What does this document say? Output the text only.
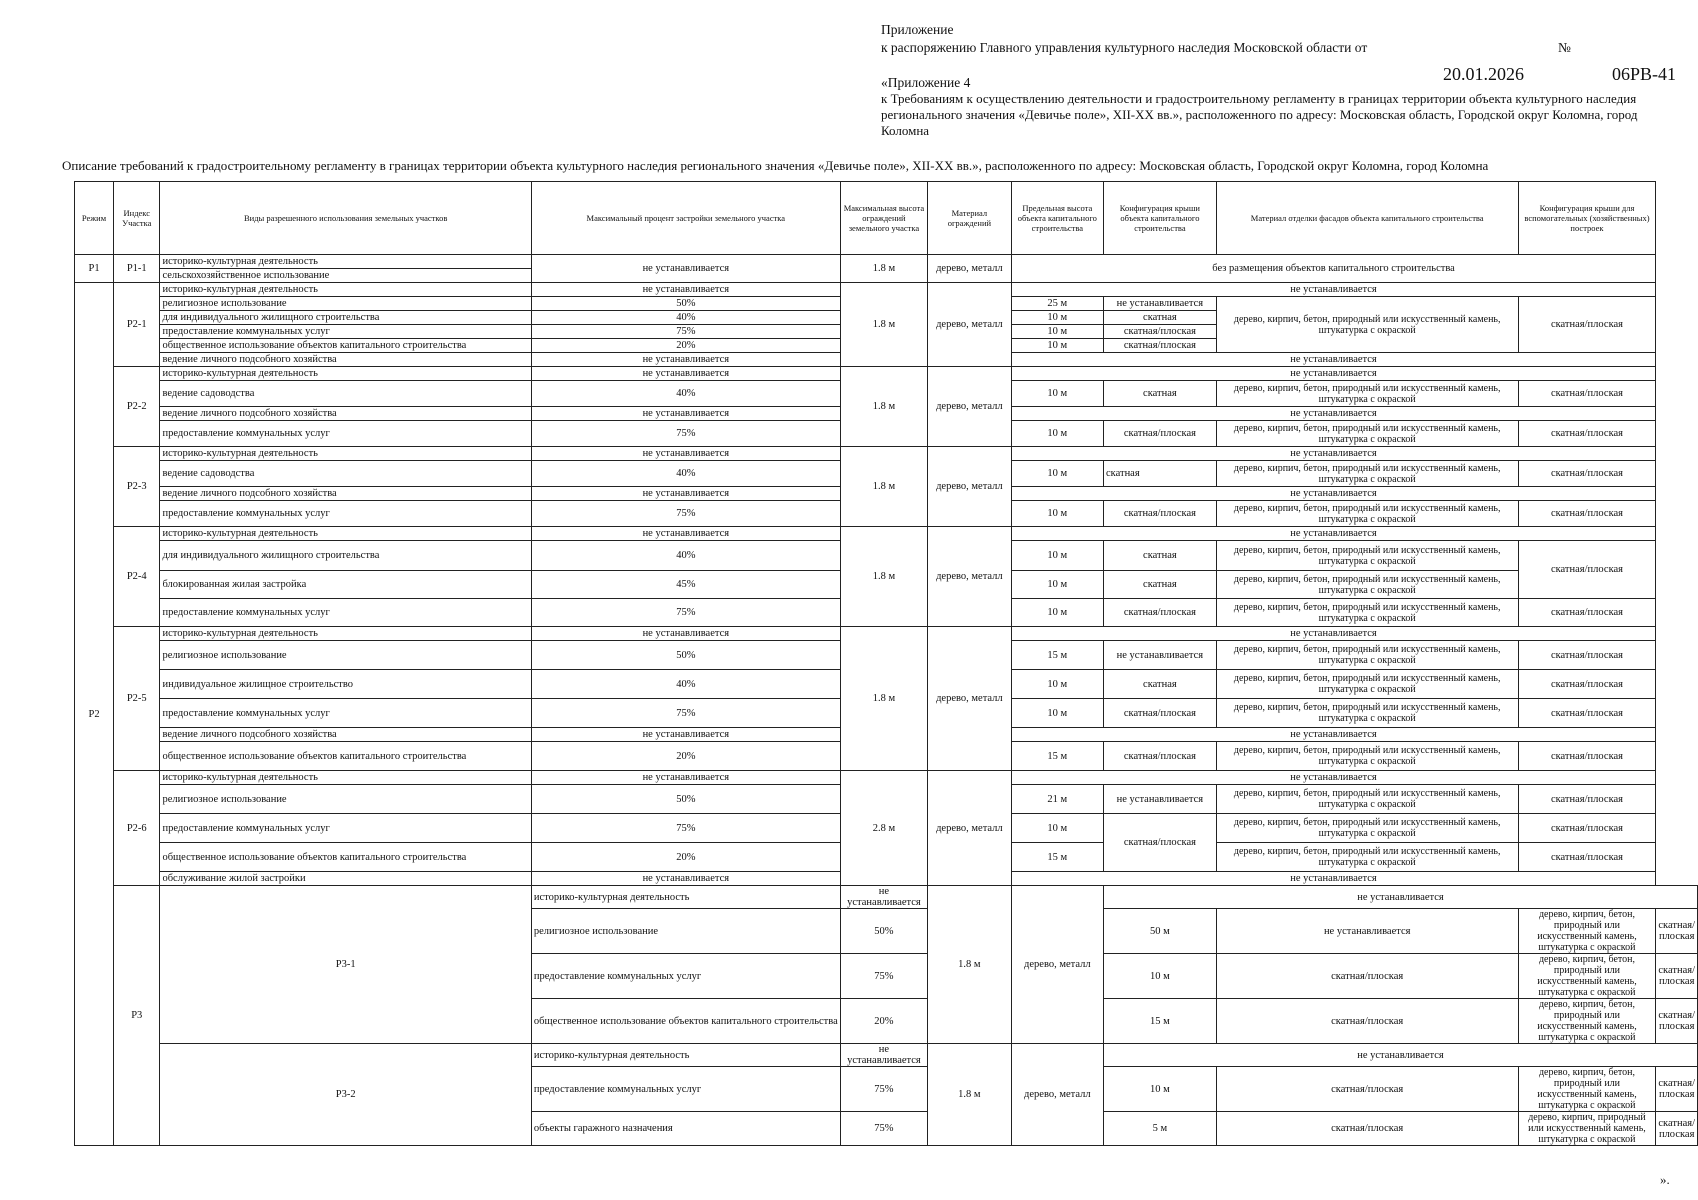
Приложение
к распоряжению Главного управления культурного наследия Московской области от	№
20.01.2026	06РВ-41
«Приложение 4
к Требованиям к осуществлению деятельности и градостроительному регламенту в границах территории объекта культурного наследия регионального значения «Девичье поле», XII-XX вв.», расположенного по адресу: Московская область, Городской округ Коломна, город Коломна
Описание требований к градостроительному регламенту в границах территории объекта культурного наследия регионального значения «Девичье поле», XII-XX вв.», расположенного по адресу: Московская область, Городской округ Коломна, город Коломна
Режим	Индекс Участка	Виды разрешенного использования земельных участков	Максимальный процент застройки земельного участка	Максимальная высота ограждений земельного участка	Материал ограждений	Предельная высота объекта капитального строительства	Конфигурация крыши объекта капитального строительства	Материал отделки фасадов объекта капитального строительства	Конфигурация крыши для вспомогательных (хозяйственных) построек	
Р1	Р1-1	историко-культурная деятельность	не устанавливается	1.8 м	дерево, металл	без размещения объектов капитального строительства				
		сельскохозяйственное использование								
Р2	Р2-1	историко-культурная деятельность	не устанавливается	1.8 м	дерево, металл	не устанавливается				
		религиозное использование	50%			25 м	не устанавливается	дерево, кирпич, бетон, природный или искусственный камень, штукатурка с окраской	скатная/плоская	
		для индивидуального жилищного строительства	40%			10 м	скатная			
		предоставление коммунальных услуг	75%			10 м	скатная/плоская			
		общественное использование объектов капитального строительства	20%			10 м	скатная/плоская			
		ведение личного подсобного хозяйства	не устанавливается			не устанавливается				
	Р2-2	историко-культурная деятельность	не устанавливается	1.8 м	дерево, металл	не устанавливается				
		ведение садоводства	40%			10 м	скатная	дерево, кирпич, бетон, природный или искусственный камень, штукатурка с окраской	скатная/плоская	
		ведение личного подсобного хозяйства	не устанавливается			не устанавливается				
		предоставление коммунальных услуг	75%			10 м	скатная/плоская	дерево, кирпич, бетон, природный или искусственный камень, штукатурка с окраской	скатная/плоская	
	Р2-3	историко-культурная деятельность	не устанавливается	1.8 м	дерево, металл	не устанавливается				
		ведение садоводства	40%			10 м	скатная	дерево, кирпич, бетон, природный или искусственный камень, штукатурка с окраской	скатная/плоская	
		ведение личного подсобного хозяйства	не устанавливается			не устанавливается				
		предоставление коммунальных услуг	75%			10 м	скатная/плоская	дерево, кирпич, бетон, природный или искусственный камень, штукатурка с окраской	скатная/плоская	
	Р2-4	историко-культурная деятельность	не устанавливается	1.8 м	дерево, металл	не устанавливается				
		для индивидуального жилищного строительства	40%			10 м	скатная	дерево, кирпич, бетон, природный или искусственный камень, штукатурка с окраской	скатная/плоская	
		блокированная жилая застройка	45%			10 м	скатная	дерево, кирпич, бетон, природный или искусственный камень, штукатурка с окраской		
		предоставление коммунальных услуг	75%			10 м	скатная/плоская	дерево, кирпич, бетон, природный или искусственный камень, штукатурка с окраской	скатная/плоская	
	Р2-5	историко-культурная деятельность	не устанавливается	1.8 м	дерево, металл	не устанавливается				
		религиозное использование	50%			15 м	не устанавливается	дерево, кирпич, бетон, природный или искусственный камень, штукатурка с окраской	скатная/плоская	
		индивидуальное жилищное строительство	40%			10 м	скатная	дерево, кирпич, бетон, природный или искусственный камень, штукатурка с окраской	скатная/плоская	
		предоставление коммунальных услуг	75%			10 м	скатная/плоская	дерево, кирпич, бетон, природный или искусственный камень, штукатурка с окраской	скатная/плоская	
		ведение личного подсобного хозяйства	не устанавливается			не устанавливается				
		общественное использование объектов капитального строительства	20%			15 м	скатная/плоская	дерево, кирпич, бетон, природный или искусственный камень, штукатурка с окраской	скатная/плоская	
	Р2-6	историко-культурная деятельность	не устанавливается	2.8 м	дерево, металл	не устанавливается				
		религиозное использование	50%			21 м	не устанавливается	дерево, кирпич, бетон, природный или искусственный камень, штукатурка с окраской	скатная/плоская	
		предоставление коммунальных услуг	75%			10 м	скатная/плоская	дерево, кирпич, бетон, природный или искусственный камень, штукатурка с окраской	скатная/плоская	
		общественное использование объектов капитального строительства	20%			15 м		дерево, кирпич, бетон, природный или искусственный камень, штукатурка с окраской	скатная/плоская	
		обслуживание жилой застройки	не устанавливается			не устанавливается				
	Р3	Р3-1	историко-культурная деятельность	не устанавливается	1.8 м	дерево, металл	не устанавливается			
			религиозное использование	50%			50 м	не устанавливается	дерево, кирпич, бетон, природный или искусственный камень, штукатурка с окраской	скатная/плоская
			предоставление коммунальных услуг	75%			10 м	скатная/плоская	дерево, кирпич, бетон, природный или искусственный камень, штукатурка с окраской	скатная/плоская
			общественное использование объектов капитального строительства	20%			15 м	скатная/плоская	дерево, кирпич, бетон, природный или искусственный камень, штукатурка с окраской	скатная/плоская
		Р3-2	историко-культурная деятельность	не устанавливается	1.8 м	дерево, металл	не устанавливается			
			предоставление коммунальных услуг	75%			10 м	скатная/плоская	дерево, кирпич, бетон, природный или искусственный камень, штукатурка с окраской	скатная/плоская
			объекты гаражного назначения	75%			5 м	скатная/плоская	дерево, кирпич, природный или искусственный камень, штукатурка с окраской	скатная/плоская
».
